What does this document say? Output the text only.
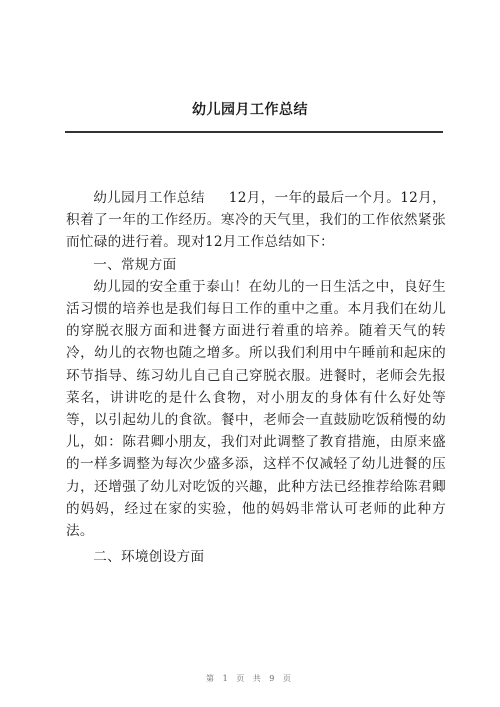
幼儿园月工作总结

幼儿园月工作总结 12月，一年的最后一个月。12月，积着了一年的工作经历。寒冷的天气里，我们的工作依然紧张而忙碌的进行着。现对12月工作总结如下：

一、常规方面

幼儿园的安全重于泰山！在幼儿的一日生活之中，良好生活习惯的培养也是我们每日工作的重中之重。本月我们在幼儿的穿脱衣服方面和进餐方面进行着重的培养。随着天气的转冷，幼儿的衣物也随之增多。所以我们利用中午睡前和起床的环节指导、练习幼儿自己自己穿脱衣服。进餐时，老师会先报菜名，讲讲吃的是什么食物，对小朋友的身体有什么好处等等，以引起幼儿的食欲。餐中，老师会一直鼓励吃饭稍慢的幼儿，如：陈君卿小朋友，我们对此调整了教育措施，由原来盛的一样多调整为每次少盛多添，这样不仅减轻了幼儿进餐的压力，还增强了幼儿对吃饭的兴趣，此种方法已经推荐给陈君卿的妈妈，经过在家的实验，他的妈妈非常认可老师的此种方法。

二、环境创设方面

第 1 页 共 9 页
